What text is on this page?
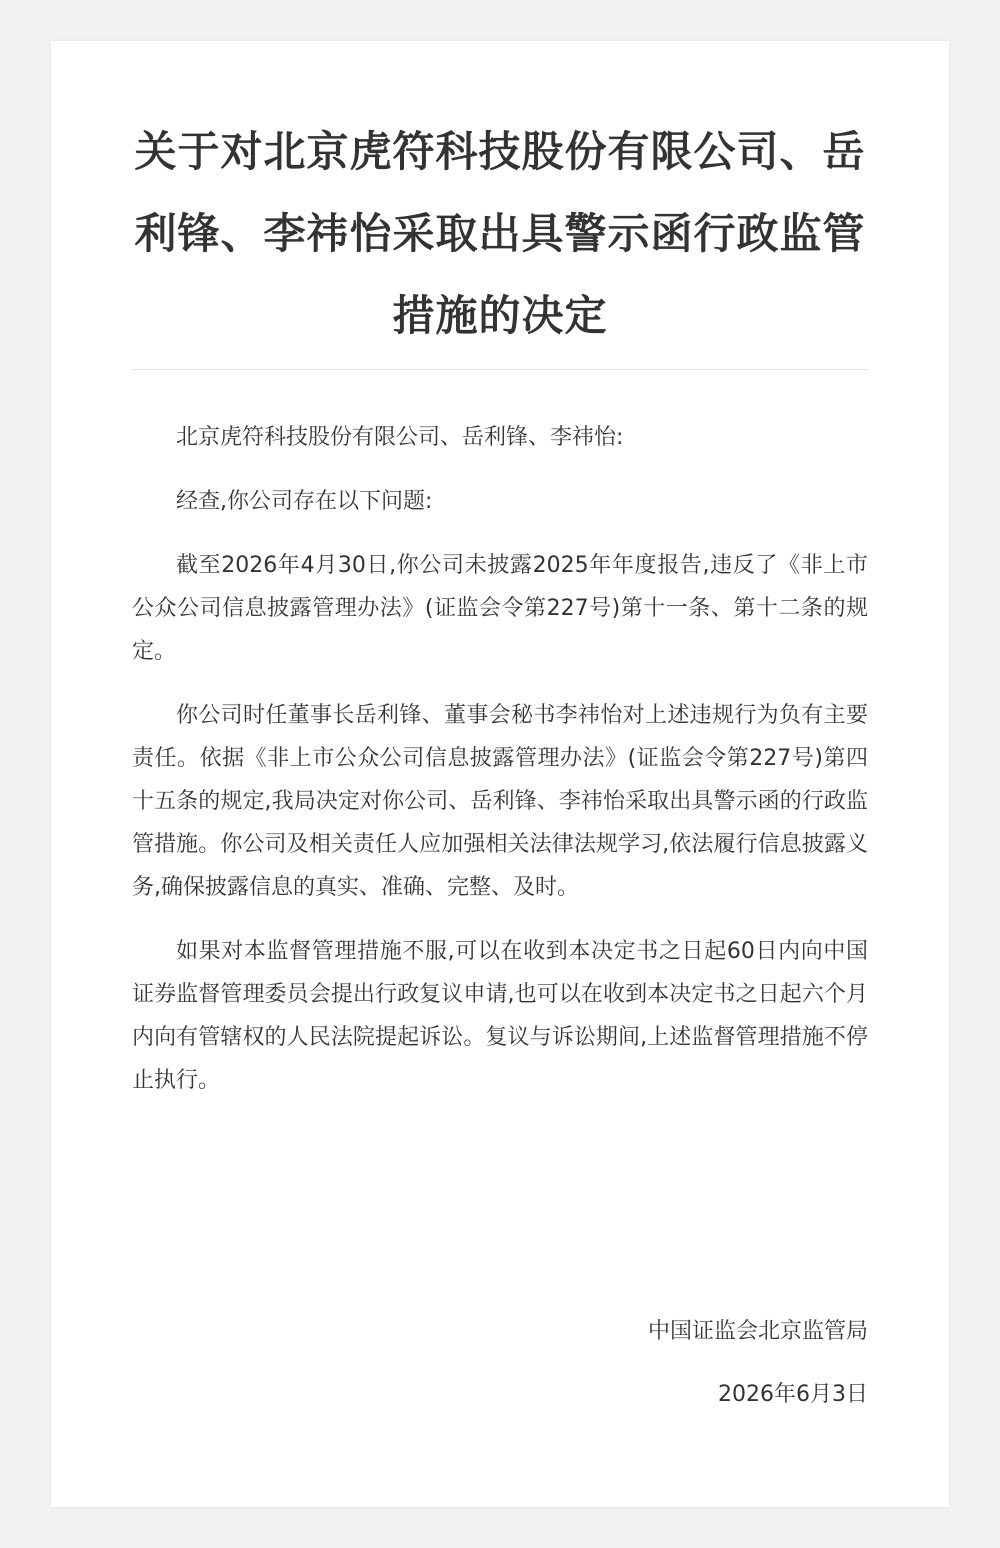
关于对北京虎符科技股份有限公司、岳利锋、李祎怡采取出具警示函行政监管措施的决定

北京虎符科技股份有限公司、岳利锋、李祎怡:

经查,你公司存在以下问题:

截至2026年4月30日,你公司未披露2025年年度报告,违反了《非上市公众公司信息披露管理办法》(证监会令第227号)第十一条、第十二条的规定。

你公司时任董事长岳利锋、董事会秘书李祎怡对上述违规行为负有主要责任。依据《非上市公众公司信息披露管理办法》(证监会令第227号)第四十五条的规定,我局决定对你公司、岳利锋、李祎怡采取出具警示函的行政监管措施。你公司及相关责任人应加强相关法律法规学习,依法履行信息披露义务,确保披露信息的真实、准确、完整、及时。

如果对本监督管理措施不服,可以在收到本决定书之日起60日内向中国证券监督管理委员会提出行政复议申请,也可以在收到本决定书之日起六个月内向有管辖权的人民法院提起诉讼。复议与诉讼期间,上述监督管理措施不停止执行。

中国证监会北京监管局
2026年6月3日
